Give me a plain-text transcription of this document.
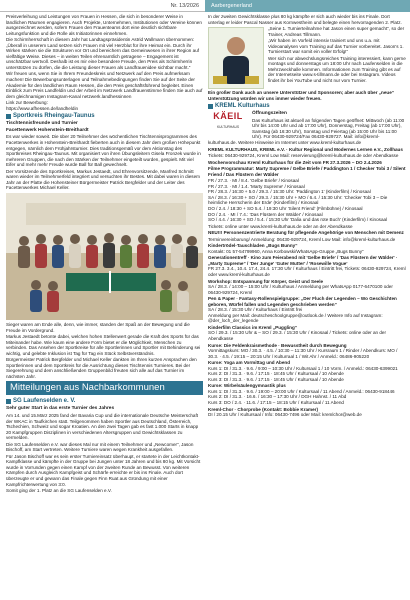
Nr. 13/2026	Aarbergenerland

Preisverleihung und Leistungen von Frauen in Hessen, die sich in besonderer Weise in ländlichen Räumen engagieren. Auch Projekte, Unternehmen, Institutionen oder Vereine können ausgezeichnet werden, sofern Frauen den Frauenteams dort eine deutlich sichtbare Leitungsfunktion und die Rolle als Initiatorinnen einnehmen.

Die Schirmherrschaft in diesem Jahr hat Landtagspräsidentin Astrid Wallmann übernommen: „Überall in unserem Land setzen sich Frauen mit viel Herzblut für ihre Heimat ein. Durch ihr Wirken stärken sie die Strukturen vor Ort und bereichern das Gemeinwesen in ihrer Region auf vielfältige Weise. Dieses – in weiten Teilen ehrenamtlich getragene – Engagement ist unschätzbar wertvoll. Deshalb ist es mir eine besondere Freude, den Preis als Schirmherrin unterstützen zu dürfen, die die Leistung dieser Frauen als Landfrauenidee sichtbar macht.“

Wir freuen uns, wenn Sie in Ihrem Freundeskreis und Netzwerk auf den Preis aufmerksam machen! Die Bewerbungsunterlagen und Teilnahmebedingungen finden Sie auf der Seite der Akademie für den ländlichen Raum Hessen, die den Preis geschäftsführend begleitet. Einen Einblick zum Preis Landfeldin und der Arbeit im Netzwerk Landfrauenstimme finden Sie auch auf dem gleichnamigen Instagram-Kanal netzwerk.landhessinnen

Link zur Bewerbung:

https://www.afhessen.de/landheldin

Sportkreis Rheingau-Taunus

Tischtennisfreunde und Turnier

Facettenwerk Hohenstein-Breithardt

Es war wieder soweit. Die über 20 Teilnehmer des wöchentlichen Tischtennisprogrammes des Facettenwerkes in Hohenstein-Breithardt fieberten auch in diesem Jahr dem großen Höhepunkt entgegen, nämlich dem Frühjahrsturnier. Dies traditionsgemäß vor dem Aktionstag des Sportkreises Rheingau-Taunus. Mit organisiert von ihren Übungsleitern Gisela Fronzek wurde in mehreren Gruppen, die nach den Stärken der Teilnehmer eingeteilt wurden, gespielt. Mit viel Eifer und mehr mehr Freude wurde Ball für Ball gewechselt.

Der Vorsitzende des Sportkreises, Markus Jestaedt, und Ehrenvorsitzende, Manfred Schmitt waren wieder im Teilnehmerfeld integriert und versuchten ihr Bestes. Mit dabei waren in diesem Jahr an der Platte die Hohensteiner Bürgermeister Patrick Bergfelder und der Leiter des Facettenwerkes Michael Keller.

Sieger waren am Ende alle, denn, wie immer, standen der Spaß an der Bewegung und die Freude im Vordergrund.

Markus Jestaedt betonte dabei, welchen hohen Stellenwert gerade die Kraft des Sports für das Miteinander habe. Wie kaum eine andere Form bietet er die Möglichkeit, Menschen zu verbinden. Das Ansehen der Sportkreise für alle Sportlerinnen und Sportler mit Behinderung sei wichtig, und gelebte Inklusion ist Tag für Tag ein Stück Selbstverständnis.

Bürgermeister Patrick Bergfelder und Michael Keller dankten im Ihren kurzen Ansprachen den Sportlerinnen und dem Sportkreis für die Ausrichtung dieses Tischtennis Turnieres. Bei der Siegerehrung und dem anschließenden Gruppenbild freuten sich alle auf das Turnier im nächsten Jahr.

Mitteilungen aus Nachbarkommunen
SG Laufenselden e. V.

Sehr guter Start in das erste Turnier des Jahres

Am 14. und 15.März 2025 fand der Bavaria Cup und die internationale Deutsche Meisterschaft der WKAC in Taufkirchen statt. Teilgenommen haben Sportler aus Deutschland, Österreich, Tschechien, Schweiz und sogar Kroatien. An den zwei Tagen gab es fast 1.000 Starts in knapp 20 Kampfgruppen Disziplinen in verschiedenen Altersgruppen und Gewichtsklassen zu vermelden.

Die SG Laufenselden e.V. war dieses Mal nur mit einem Teilnehmer und „Newcomer“, Jason Bischoff, am Start vertreten. Weitere Turniere waren wegen Krankheit ausgefallen.

Für Jason Bischoff war es sein erster Turniereinsatz überhaupt, er startete in der Leichtkontakt-Kampfklasse und kämpfte in der Gruppe bei Jungen unter 18 Jahren und bis 80 kg. Mit Vorsicht wurde in Vorrunden gegen einen Kampf von der zweiten Runde an Bewusst. Von weiteren Kämpfen durch Ausgleich Kampfgeist und Schärfe erreichte er bis ins Finale. Auch dort überzeugte er und gewann das Finale gegen Finn Ruat aus Gründung mit einer Kampfrichterwertung von 3:0.

Somit ging der 1. Platz an die SG Laufenselden e.V.

In der zweiten Gewichtsklasse plus 80 kg kämpfte er sich auch wieder bis ins Finale. Dort unterlag er leider Pascal Nasser aus Kornwestheim und belegte einen hervorragenden 2. Platz.

„Seine 1. Turnierteilnahme hat Jason einen super gemacht“, so der Trainer, Andreas Tillmann.

„Wir haben im Vorfeld intensiv trainiert und uns u.a. mit Videoanalysen vom Training auf das Turnier vorbereitet. Jason's 1. Turnierstart war somit ein voller Erfolg!“

Wer sich nur abwechslungsreiches Training interessiert, kann gerne montags und donnerstags um 18:00 Uhr nach Laufenselden in die Mehrzweckhalle kommen. Informationen zum Training gibt es auf der Internetseite www.s-tillmann.de oder bei Instagram. Videos findet ihr bei YouTube und nicht nur vom Turnier.

Ein großer Dank auch an unsere Unterstützer und Sponsoren; aber auch über „neue“ Unterstützung würden wir uns immer wieder freuen.

KREML Kulturhaus
KÄEIL
KULTURHAUS

Öffnungszeiten

Das Kulturhaus ist aktuell an folgenden Tagen geöffnet: Mittwoch (ab 11:00 Uhr bis 14:00 Uhr und ab 17:00 Uhr), Donnerstag, Freitag (ab 17:00 Uhr), Samstag (ab 16:30 Uhr), Sonntag und Feiertag (ab 15:00 Uhr bis 11:00 Uhr). Für 06430-929724/Fax 06430-929727. Mail: info@kreml-kulturhaus.de. Weitere Hinweise im Internet unter www.kreml-kulturhaus.de

KREML KULTURHAUS, KREML e.V. · Kultur Regional und Modernes Lernen e.V., Zollhaus

Tickets: 06430-929724, Kreml Low Mail: reservierung@kreml-kulturhaus.de oder Abendkasse

Wochenvorschau Kreml Kulturhaus für die Zeit vom FR 27.3.2026 – DO 2.4.2026

Filme Programmatur: Marty Supreme / Gelbe Briefe / Paddington 1 / Checker Tobi 3 / Silent Friend / Das Flüstern der Wälder

FR / 27.3. · MI / 8.4. 'Gelbe Briefe' / Kinosaal

FR / 27.3. · MI / 1.4. 'Marty Supreme' / Kinosaal

FR / 28.3. / 16:30 + 5.0 / 29.3. / 15:30 Uhr: 'Paddington 1' (Kinderfilm) / Kinosaal

SA / 28.3. / 16:30 + SO / 29.3. / 15:30 Uhr + MO / 6.4. / 15:30 Uhr: 'Checker Tobi 3 – Die heimliche Herrscherin der Erde' (Kinderfilm) / Kinosaal

DO / 2.4. / 18:30 + SO 5.4. / 19:30 Uhr 'Silent Friend' (Filmbühne) / Kinosaal

DO / 2.4. · MI / 7.4.: 'Das Flüstern der Wälder' / Kinosaal

SO / 4.4. / 16:30 + SO / 5.4. / 15:30 Uhr 'Dalia und das rote Buch' (Kinderfilm) / Kinosaal

Tickets: online unter www.kreml-kulturhaus.de oder an der Abendkasse

NEU!!! Personenzentrierte Beratung für pflegende Angehörige von Menschen mit Demenz

Terminvereinbarung/ Anmeldung: 06430-929724, Kreml Low Mail: info@kreml-kulturhaus.de

Kindertrödel-Tauschladen „Bugs Bunny“

Kontakt: 01 57-54799960, Anna Korbowski/WhatsApp-Gruppe „Bugs Bunny“

Generationentreff · Kino zum Feierabend mit 'Gelbe Briefe' / 'Das Flüstern der Wälder' · „Marty Supreme“ / 'Der Junge' 'Guter Mutter' / 'Rosewille Vogue'

FR 27.3. 3.4., 10.4. 17.4, 24.4. 17:30 Uhr / Kulturhaus / Eintritt frei, Tickets: 06430-929724, Kreml oder www.kreml-kulturhaus.de

Workshop: Entspannung für Körper, Geist und Seele

SA / 28.3. / 14:00 – 15:00 Uhr / Kulturhaus / Anmeldung per WhatsApp 0177-6470100 oder 06430-929724, Kreml

Pen & Paper · Fantasy-Rollenspielgruppe: „Der Fluch der Legenden – Wo Geschichten geboren, Würfel fallen und Legenden geschrieben werden“

SA / 28.3. / 15:30 Uhr / Kulturhaus / Eintritt frei

Anmeldung per Mail: deutscheschoolgruppe@outlook.de / Weitere Info auf Instagram: @der_loch_der_legende

Kinderfilm Classics im Kreml „Puggling“

SO / 29.3. / 15:30 Uhr & – SO / 29.3. / 15:30 Uhr / Kinosaal / Tickets: online oder an der Abendkasse

Kurse: Die Feldenkraismethode · Bewusstheit durch Bewegung

Vormittagskurs: MO / 30.3. · 4.5. / 10:30 – 11:30 Uhr / Kursraum 1 / Rinder / Abendkurs: MO / 30.3. · 4.5. / 19:15 – 20:15 Uhr / Kulturraal 1 / Wit Ahr / Anmeld.: 06486-905220

Kurse: Yoga am Vormittag und Abend

Kurs 1: DI / 31.3. · 9.6. / 9:00 – 10:30 Uhr / Kultursaal 1 / 10 Vorm. / Anmeld.: 06430-6399021

Kurs 2: DI / 31.3. · 9.6. / 17:15 · 18:45 Uhr / Kultursaal / 10 Abende

Kurs 3: DI / 31.3. · 9.6. / 17:15 · 18:45 Uhr / Kultursaal / 10 Abende

Kurse: Wirbelsäulengymnastik plus

Kurs 1: DI / 31.3. · 9.6. / 19:00 – 20:00 Uhr / Kultursaal / 11 Abend / Anmeld.: 06430-918446

Kurs 2: DI / 31.3. · 16.6. / 16:30 – 17:30 Uhr / DGH Hahnst. / 11 Abd

Kurs 3: DO / 2.4. · 11.6. / 17:15 – 18:15 Uhr / Kultursaal / 11 Abend

Kreml-Chor · Chorprobe (Kontakt: Bobbie Kramer)

DI / 20.15 Uhr / Kultursaal / Info: 06430-7496 oder Mail: kremlchor@web.de
